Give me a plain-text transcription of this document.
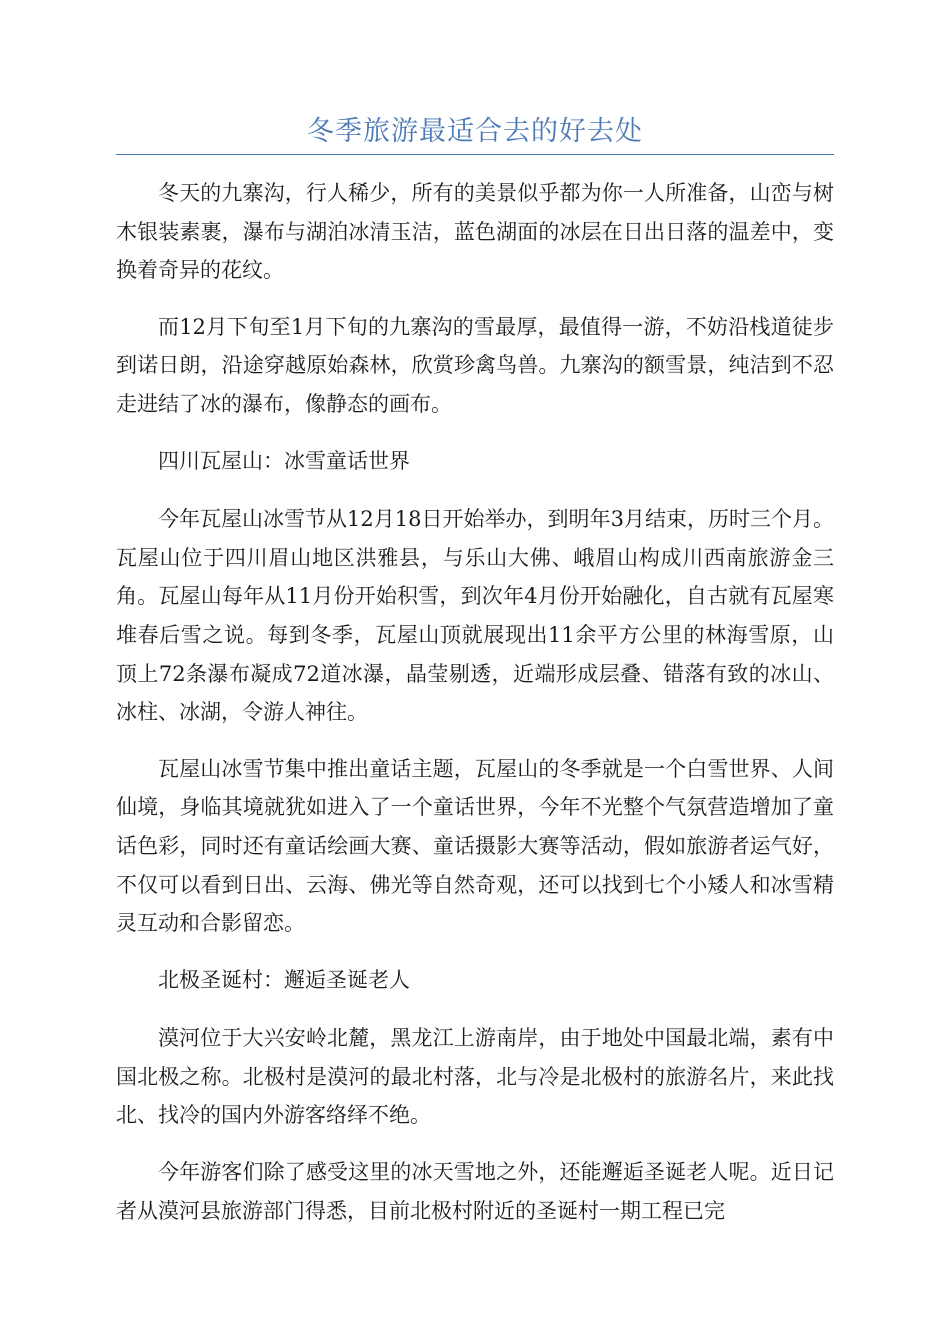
冬季旅游最适合去的好去处

冬天的九寨沟，行人稀少，所有的美景似乎都为你一人所准备，山峦与树木银装素裹，瀑布与湖泊冰清玉洁，蓝色湖面的冰层在日出日落的温差中，变换着奇异的花纹。

而12月下旬至1月下旬的九寨沟的雪最厚，最值得一游，不妨沿栈道徒步到诺日朗，沿途穿越原始森林，欣赏珍禽鸟兽。九寨沟的额雪景，纯洁到不忍走进结了冰的瀑布，像静态的画布。

四川瓦屋山：冰雪童话世界

今年瓦屋山冰雪节从12月18日开始举办，到明年3月结束，历时三个月。瓦屋山位于四川眉山地区洪雅县，与乐山大佛、峨眉山构成川西南旅游金三角。瓦屋山每年从11月份开始积雪，到次年4月份开始融化，自古就有瓦屋寒堆春后雪之说。每到冬季，瓦屋山顶就展现出11余平方公里的林海雪原，山顶上72条瀑布凝成72道冰瀑，晶莹剔透，近端形成层叠、错落有致的冰山、冰柱、冰湖，令游人神往。

瓦屋山冰雪节集中推出童话主题，瓦屋山的冬季就是一个白雪世界、人间仙境，身临其境就犹如进入了一个童话世界，今年不光整个气氛营造增加了童话色彩，同时还有童话绘画大赛、童话摄影大赛等活动，假如旅游者运气好，不仅可以看到日出、云海、佛光等自然奇观，还可以找到七个小矮人和冰雪精灵互动和合影留恋。

北极圣诞村：邂逅圣诞老人

漠河位于大兴安岭北麓，黑龙江上游南岸，由于地处中国最北端，素有中国北极之称。北极村是漠河的最北村落，北与冷是北极村的旅游名片，来此找北、找冷的国内外游客络绎不绝。

今年游客们除了感受这里的冰天雪地之外，还能邂逅圣诞老人呢。近日记者从漠河县旅游部门得悉，目前北极村附近的圣诞村一期工程已完
